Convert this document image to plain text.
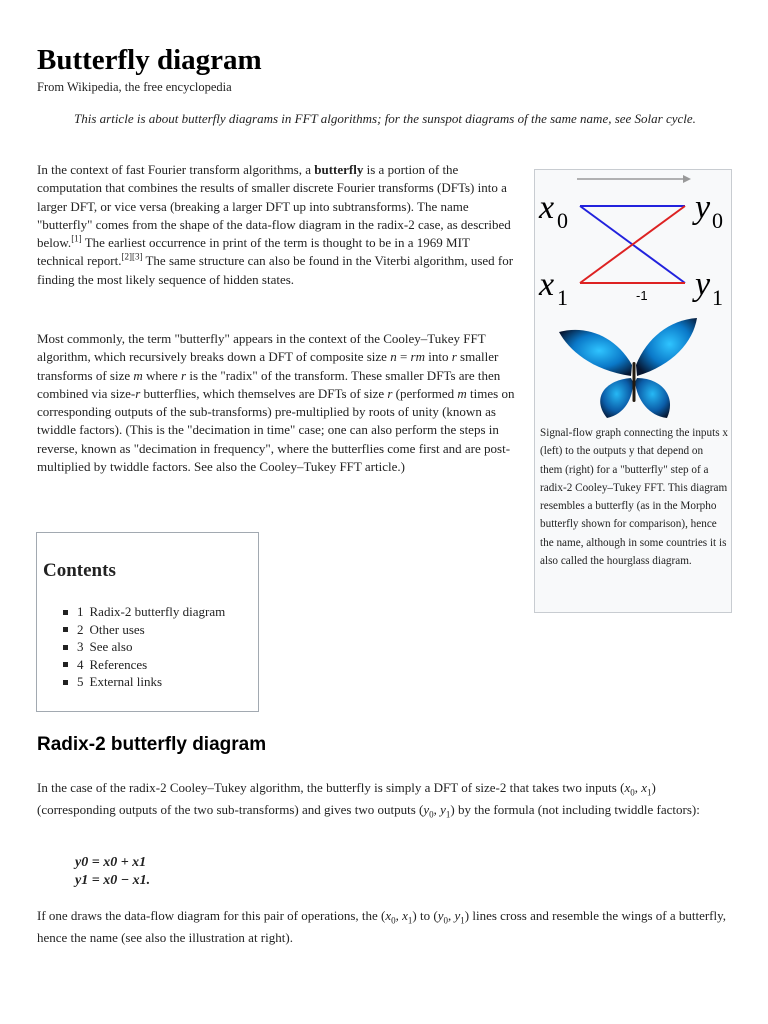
Butterfly diagram
From Wikipedia, the free encyclopedia
This article is about butterfly diagrams in FFT algorithms; for the sunspot diagrams of the same name, see Solar cycle.

In the context of fast Fourier transform algorithms, a butterfly is a portion of the computation that combines the results of smaller discrete Fourier transforms (DFTs) into a larger DFT, or vice versa (breaking a larger DFT up into subtransforms). The name "butterfly" comes from the shape of the data-flow diagram in the radix-2 case, as described below.[1] The earliest occurrence in print of the term is thought to be in a 1969 MIT technical report.[2][3] The same structure can also be found in the Viterbi algorithm, used for finding the most likely sequence of hidden states.

Most commonly, the term "butterfly" appears in the context of the Cooley–Tukey FFT algorithm, which recursively breaks down a DFT of composite size n = rm into r smaller transforms of size m where r is the "radix" of the transform. These smaller DFTs are then combined via size-r butterflies, which themselves are DFTs of size r (performed m times on corresponding outputs of the sub-transforms) pre-multiplied by roots of unity (known as twiddle factors). (This is the "decimation in time" case; one can also perform the steps in reverse, known as "decimation in frequency", where the butterflies come first and are post-multiplied by twiddle factors. See also the Cooley–Tukey FFT article.)

x 0
x 1
y 0
y 1
-1
Signal-flow graph connecting the inputs x (left) to the outputs y that depend on them (right) for a "butterfly" step of a radix-2 Cooley–Tukey FFT. This diagram resembles a butterfly (as in the Morpho butterfly shown for comparison), hence the name, although in some countries it is also called the hourglass diagram.
Contents
1 Radix-2 butterfly diagram
2 Other uses
3 See also
4 References
5 External links
Radix-2 butterfly diagram

In the case of the radix-2 Cooley–Tukey algorithm, the butterfly is simply a DFT of size-2 that takes two inputs ($x_0$, $x_1$) (corresponding outputs of the two sub-transforms) and gives two outputs ($y_0$, $y_1$) by the formula (not including twiddle factors):

y0 = x0 + x1
y1 = x0 − x1.

If one draws the data-flow diagram for this pair of operations, the ($x_0$, $x_1$) to ($y_0$, $y_1$) lines cross and resemble the wings of a butterfly, hence the name (see also the illustration at right).
